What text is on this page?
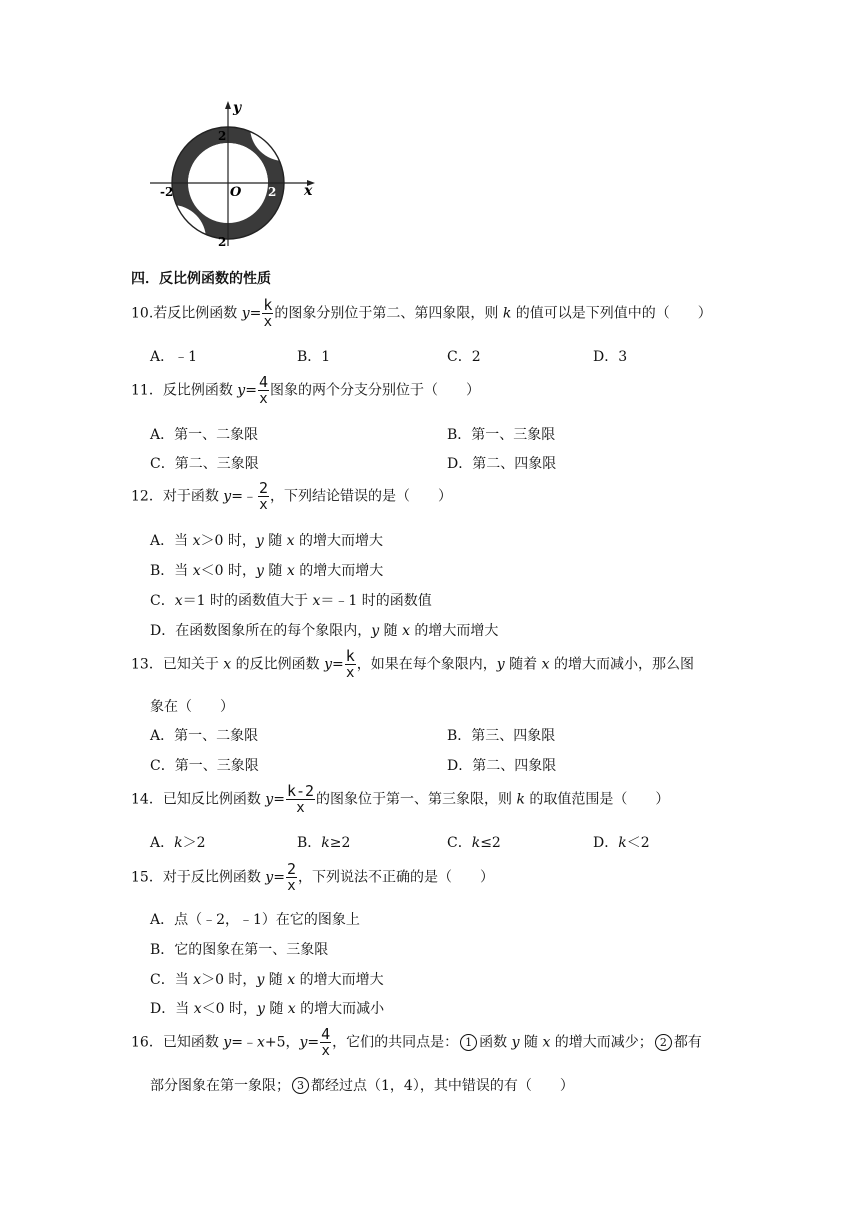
y
x
O 2
-2
2
2
四．反比例函数的性质
10.若反比例函数 $y= \frac{k}{x}$ 的图象分别位于第二、第四象限，则 k 的值可以是下列值中的（　　）
A．﹣1	B．1	C．2	D．3
11．反比例函数 $y= \frac{4}{x}$ 图象的两个分支分别位于（　　）
A．第一、二象限	B．第一、三象限
C．第二、三象限	D．第二、四象限
12．对于函数 y=﹣ $\frac{2}{x}$ ，下列结论错误的是（　　）
A．当 x＞0 时，y 随 x 的增大而增大
B．当 x＜0 时，y 随 x 的增大而增大
C．x＝1 时的函数值大于 x＝﹣1 时的函数值
D．在函数图象所在的每个象限内，y 随 x 的增大而增大
13．已知关于 x 的反比例函数 $y= \frac{k}{x}$ ，如果在每个象限内，y 随着 x 的增大而减小，那么图
象在（　　）
A．第一、二象限	B．第三、四象限
C．第一、三象限	D．第二、四象限
14．已知反比例函数 $y= \frac{k-2}{x}$ 的图象位于第一、第三象限，则 k 的取值范围是（　　）
A．k＞2	B．k≥2	C．k≤2	D．k＜2
15．对于反比例函数 $y= \frac{2}{x}$ ，下列说法不正确的是（　　）
A．点（﹣2，﹣1）在它的图象上
B．它的图象在第一、三象限
C．当 x＞0 时，y 随 x 的增大而增大
D．当 x＜0 时，y 随 x 的增大而减小
16．已知函数 y=﹣x+5，$y= \frac{4}{x}$ ，它们的共同点是： 1 函数 y 随 x 的增大而减少； 2 都有
部分图象在第一象限； 3 都经过点（1，4），其中错误的有（　　）
